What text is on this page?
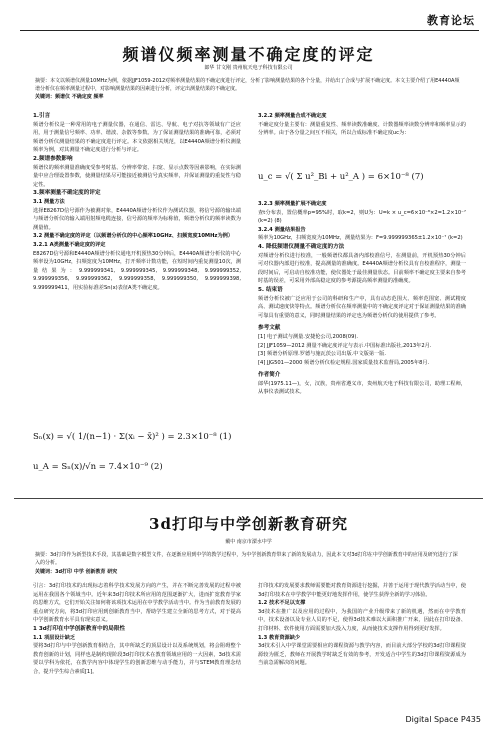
教育论坛
频谱仪频率测量不确定度的评定
郎华 甘文刚 贵州航天电子科技有限公司
摘要：本文以频谱仪测量10MHz为例，依据JJF1059-2012对频率测量结果的不确定度进行评定，分析了影响测量结果的各个分量，并给出了合成与扩展不确定度。本文主要介绍了用E4440A频谱分析仪在频率测量过程中，对影响测量结果的因素进行分析，评定出测量结果的不确定度。
关键词：频谱仪 不确定度 频率

1.引言

频谱分析仪是一种常用的电子测量仪器，在通信、雷达、导航、电子对抗等领域有广泛应用，用于测量信号频率、功率、谐波、杂散等参数。为了保证测量结果的准确可靠，必须对频谱分析仪测量结果的不确定度进行评定。本文依据相关规范，以E4440A频谱分析仪测量频率为例，对其测量不确定度进行分析与评定。

2.频谱参数影响

频谱仪的频率测量准确度受参考时基、分辨率带宽、扫宽、显示点数等因素影响，在实际测量中应合理设置参数，使测量结果尽可能接近被测信号真实频率，并保证测量的重复性与稳定性。

3.频率测量不确定度的评定

3.1 测量方法

选择E8267D信号源作为被测对象，E4440A频谱分析仪作为测试仪器，将信号源的输出端与频谱分析仪的输入端用射频电缆连接，信号源的频率为标称值，频谱分析仪的频率读数为测量值。

3.2 测量不确定度的评定（以频谱分析仪的中心频率10GHz、扫频宽度10MHz为例）

3.2.1 A类测量不确定度的评定

E8267D信号源和E4440A频谱分析仪通电开机预热30分钟后，E4440A频谱分析仪的中心频率设为10GHz，扫频宽度为10MHz，打开频率计数功能，在短时间内重复测量10次，测量结果为：9.999999341, 9.999999345, 9.999999348, 9.999999352, 9.999999356, 9.999999362, 9.999999358, 9.999999350, 9.999999398, 9.999999411，用实验标准差Sn(x)表征A类不确定度。

Sₙ(x) = √( 1/(n−1) · Σ(xᵢ − x̄)² ) = 2.3×10⁻⁸ (1)
u_A = Sₙ(x)/√n = 7.4×10⁻⁹ (2)

3.2.2 频率测量合成不确定度

不确定度分量主要有：测量重复性、频率读数准确度、计数器频率读数分辨率和频率显示的分辨率。由于各分量之间互不相关，所以合成标准不确定度uc为：

u_c = √( Σ u²_Bi + u²_A ) = 6×10⁻⁸ (7)

3.2.3 频率测量扩展不确定度

查t分布表，置信概率p=95%时，取k=2，则U为：U=k × u_c=6×10⁻⁸×2=1.2×10⁻⁷ (k=2) (8)

3.2.4 测量结果报告

频率为10GHz，扫频宽度为10MHz，测量结果为：F=9.999999365±1.2×10⁻⁷ (k=2)

4. 降低频谱仪测量不确定度的方法

对频谱分析仪进行校准，一般频谱仪都具备内部校准信号，在测量前，开机预热30分钟后可对仪器内部进行校准，提高测量的准确度。E4440A频谱分析仪具有自校准程序，测量一段时间后，可启动自校准功能，使仪器处于最佳测量状态。目前频率不确定度主要来自参考时基的误差，可采用外部高稳定度的参考源提高频率测量的准确度。

5. 结束语

频谱分析仪被广泛应用于公司的科研和生产中，具有动态范围大、频率范围宽、测试精度高、测试速度快等特点。频谱分析仪在频率测量中的不确定度评定对于保证测量结果的准确可靠具有重要的意义，同时测量结果的评定也为频谱分析仪的使用提供了参考。

参考文献

[1] 电子测试与测量.安捷伦公司,2008(09).

[2] JJF1059—2012 测量不确定度评定与表示.中国标准出版社,2013年2月.

[3] 频谱分析原理.罗德与施瓦茨公司出版.中文版第一版.

[4] JJG501—2000 频谱分析仪检定规程.国家质量技术监督局,2005年8月.

作者简介

郎华(1975.11—)，女，汉族，贵州省遵义市，贵州航天电子科技有限公司，助理工程师，从事仪表测试技术。

3d打印与中学创新教育研究
戴中 南京市溧水中学
摘要：3d打印作为新型技术手段，其基础是数字模型文件，在逐渐应用到中学的教学过程中，为中学创新教育带来了新的发展动力，因此本文对3d打印在中学创新教育中的应用及研究进行了深入的分析。
关键词：3d打印 中学 创新教育 研究

引言：3d打印技术的出现标志着科学技术发展方向的产生，并在不断完善发展的过程中被运用在我国各个领域当中。近年来3d打印技术所应用的范围逐渐扩大，进而扩宽教育学家的思维方式，它们开始关注如何将该项技术运用在中学教学活动当中。作为当前教育发展的重点研究方向，将3d打印应用到创新教育当中，帮助学生建立全新的思考方式，对于提高中学创新教育水平具有现实意义。

1 3d打印在中学创新教育中的局限性

1.1 项层设计缺乏

要将3d打印与中学创新教育相结合，其中所缺乏的顶层设计以及系统规划，将会阻碍整个教育创新的计划，同样也是制约现阶段3d打印技术在教育领域应用的一大因素，3d技术需要以学科为依托，在教学内容中体现学生的创新思维与动手能力，并与STEM教育理念结合，提升学生综合素质[1]。

打印技术的发展要求教师需要能对教育资源进行挖掘，并善于运用于现代教学活动当中，使3d打印技术在中学教学中能更好地发挥作用，使学生获得全新的学习体验。

1.2 技术不足以支撑

3d技术在推广以及应用的过程中，为我国的产业升级带来了新的机遇，然而在中学教育中，技术设备以及专业人员的不足，使得3d技术难以大面积推广开来，因此在打印设备、打印材料、软件使用方面需要加大投入力度，从而使技术支撑作用得到更好发挥。

1.3 教育资源缺少

3d技术引入中学课堂需要相应的课程资源与教学内容，而目前大部分学校的3d打印课程资源较为匮乏，教师在开展教学时缺乏有效的参考，开发适合中学生的3d打印课程资源成为当前急需解决的问题。

Digital Space P435
